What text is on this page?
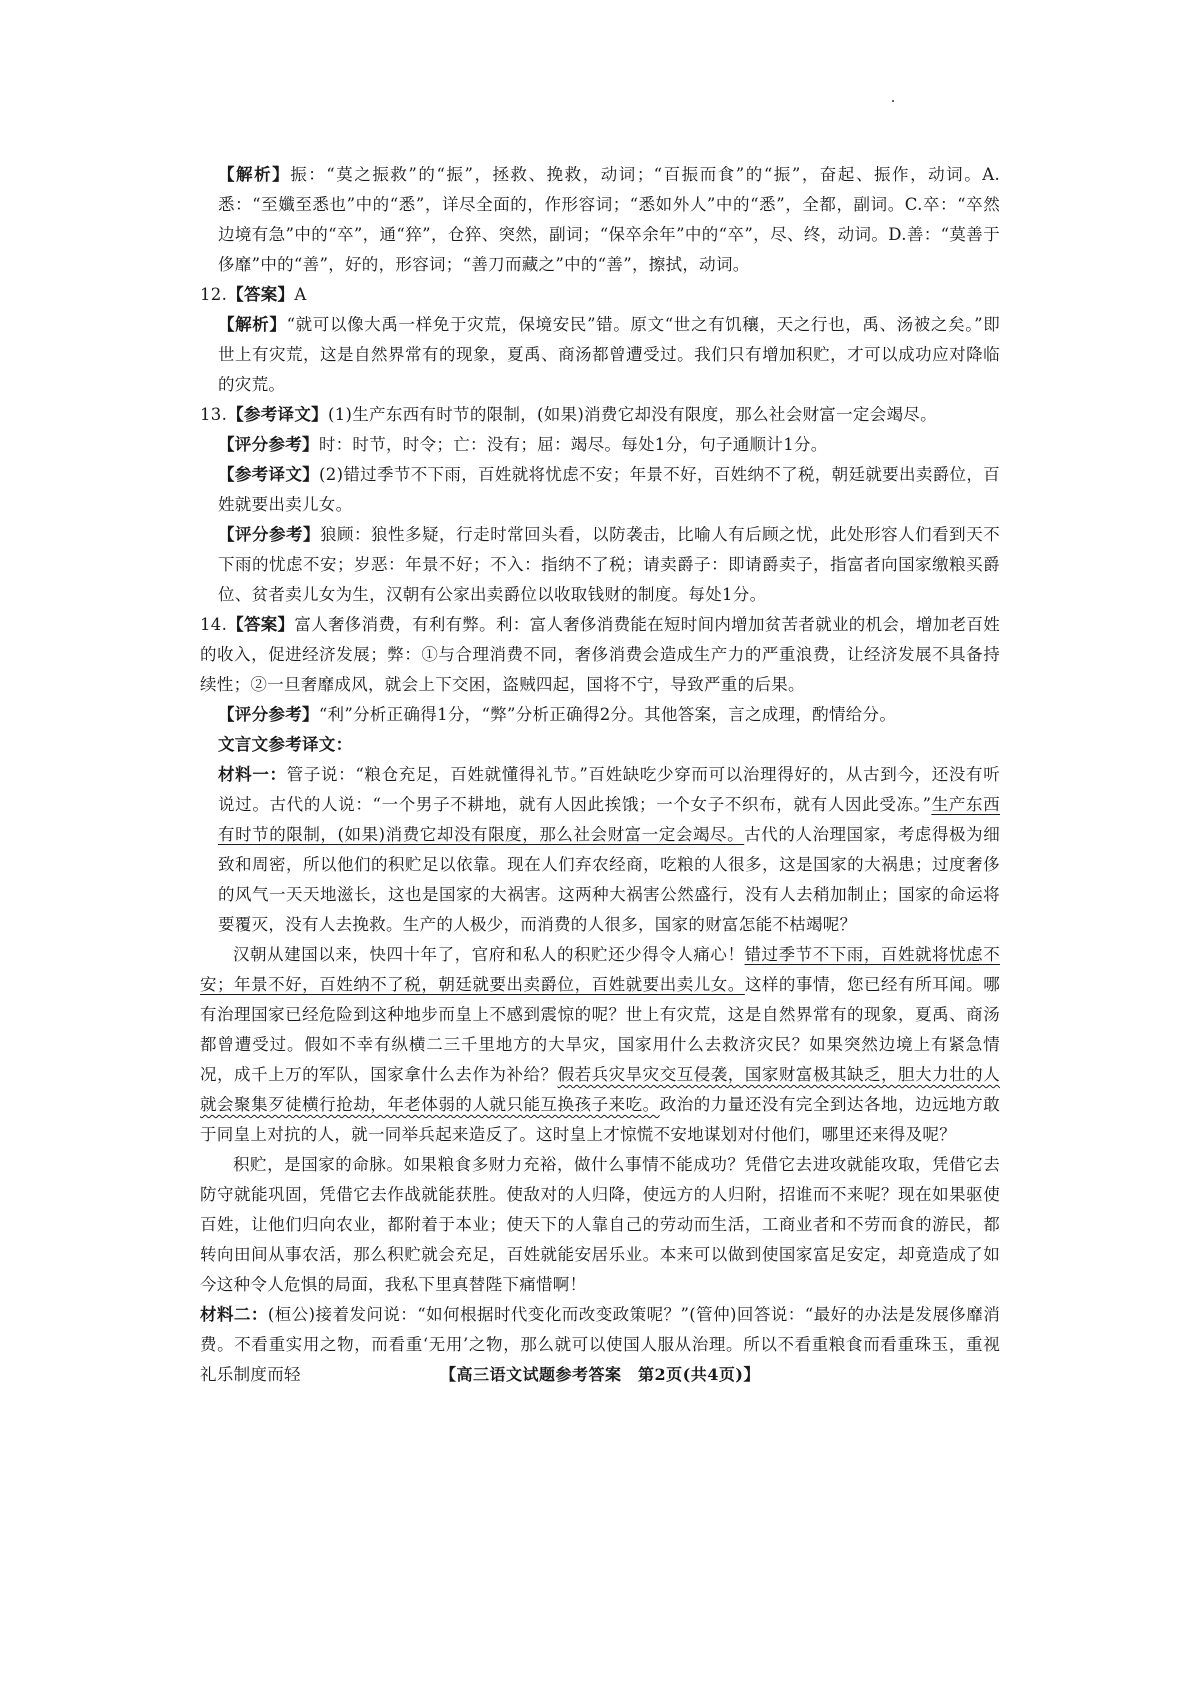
【解析】振：“莫之振救”的“振”，拯救、挽救，动词；“百振而食”的“振”，奋起、振作，动词。A.悉：“至孅至悉也”中的“悉”，详尽全面的，作形容词；“悉如外人”中的“悉”，全都，副词。C.卒：“卒然边境有急”中的“卒”，通“猝”，仓猝、突然，副词；“保卒余年”中的“卒”，尽、终，动词。D.善：“莫善于侈靡”中的“善”，好的，形容词；“善刀而藏之”中的“善”，擦拭，动词。

12.【答案】A

【解析】“就可以像大禹一样免于灾荒，保境安民”错。原文“世之有饥穰，天之行也，禹、汤被之矣。”即世上有灾荒，这是自然界常有的现象，夏禹、商汤都曾遭受过。我们只有增加积贮，才可以成功应对降临的灾荒。

13.【参考译文】(1)生产东西有时节的限制，(如果)消费它却没有限度，那么社会财富一定会竭尽。

【评分参考】时：时节，时令；亡：没有；屈：竭尽。每处1分，句子通顺计1分。

【参考译文】(2)错过季节不下雨，百姓就将忧虑不安；年景不好，百姓纳不了税，朝廷就要出卖爵位，百姓就要出卖儿女。

【评分参考】狼顾：狼性多疑，行走时常回头看，以防袭击，比喻人有后顾之忧，此处形容人们看到天不下雨的忧虑不安；岁恶：年景不好；不入：指纳不了税；请卖爵子：即请爵卖子，指富者向国家缴粮买爵位、贫者卖儿女为生，汉朝有公家出卖爵位以收取钱财的制度。每处1分。

14.【答案】富人奢侈消费，有利有弊。利：富人奢侈消费能在短时间内增加贫苦者就业的机会，增加老百姓的收入，促进经济发展；弊：①与合理消费不同，奢侈消费会造成生产力的严重浪费，让经济发展不具备持续性；②一旦奢靡成风，就会上下交困，盗贼四起，国将不宁，导致严重的后果。

【评分参考】“利”分析正确得1分，“弊”分析正确得2分。其他答案，言之成理，酌情给分。

文言文参考译文：

材料一：管子说：“粮仓充足，百姓就懂得礼节。”百姓缺吃少穿而可以治理得好的，从古到今，还没有听说过。古代的人说：“一个男子不耕地，就有人因此挨饿；一个女子不织布，就有人因此受冻。”生产东西有时节的限制，(如果)消费它却没有限度，那么社会财富一定会竭尽。古代的人治理国家，考虑得极为细致和周密，所以他们的积贮足以依靠。现在人们弃农经商，吃粮的人很多，这是国家的大祸患；过度奢侈的风气一天天地滋长，这也是国家的大祸害。这两种大祸害公然盛行，没有人去稍加制止；国家的命运将要覆灭，没有人去挽救。生产的人极少，而消费的人很多，国家的财富怎能不枯竭呢？

汉朝从建国以来，快四十年了，官府和私人的积贮还少得令人痛心！错过季节不下雨，百姓就将忧虑不安；年景不好，百姓纳不了税，朝廷就要出卖爵位，百姓就要出卖儿女。这样的事情，您已经有所耳闻。哪有治理国家已经危险到这种地步而皇上不感到震惊的呢？世上有灾荒，这是自然界常有的现象，夏禹、商汤都曾遭受过。假如不幸有纵横二三千里地方的大旱灾，国家用什么去救济灾民？如果突然边境上有紧急情况，成千上万的军队，国家拿什么去作为补给？假若兵灾旱灾交互侵袭，国家财富极其缺乏，胆大力壮的人就会聚集歹徒横行抢劫，年老体弱的人就只能互换孩子来吃。政治的力量还没有完全到达各地，边远地方敢于同皇上对抗的人，就一同举兵起来造反了。这时皇上才惊慌不安地谋划对付他们，哪里还来得及呢？

积贮，是国家的命脉。如果粮食多财力充裕，做什么事情不能成功？凭借它去进攻就能攻取，凭借它去防守就能巩固，凭借它去作战就能获胜。使敌对的人归降，使远方的人归附，招谁而不来呢？现在如果驱使百姓，让他们归向农业，都附着于本业；使天下的人靠自己的劳动而生活，工商业者和不劳而食的游民，都转向田间从事农活，那么积贮就会充足，百姓就能安居乐业。本来可以做到使国家富足安定，却竟造成了如今这种令人危惧的局面，我私下里真替陛下痛惜啊！

材料二：(桓公)接着发问说：“如何根据时代变化而改变政策呢？”(管仲)回答说：“最好的办法是发展侈靡消费。不看重实用之物，而看重‘无用’之物，那么就可以使国人服从治理。所以不看重粮食而看重珠玉，重视礼乐制度而轻	【高三语文试题参考答案　第2页(共4页)】
